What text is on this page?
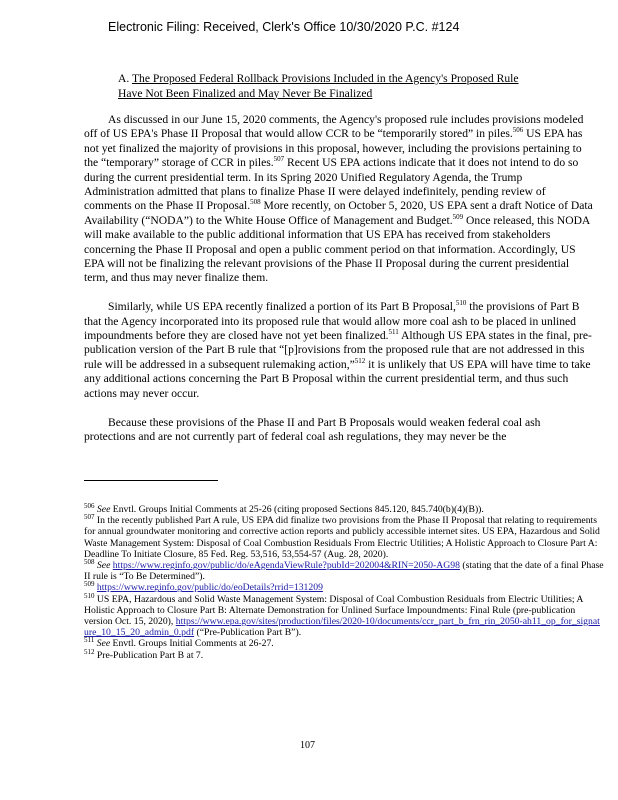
Electronic Filing: Received, Clerk's Office 10/30/2020 P.C. #124
A. The Proposed Federal Rollback Provisions Included in the Agency's Proposed Rule
Have Not Been Finalized and May Never Be Finalized

As discussed in our June 15, 2020 comments, the Agency's proposed rule includes provisions modeled off of US EPA's Phase II Proposal that would allow CCR to be “temporarily stored” in piles.$^{506}$ US EPA has not yet finalized the majority of provisions in this proposal, however, including the provisions pertaining to the “temporary” storage of CCR in piles.$^{507}$ Recent US EPA actions indicate that it does not intend to do so during the current presidential term. In its Spring 2020 Unified Regulatory Agenda, the Trump Administration admitted that plans to finalize Phase II were delayed indefinitely, pending review of comments on the Phase II Proposal.$^{508}$ More recently, on October 5, 2020, US EPA sent a draft Notice of Data Availability (“NODA”) to the White House Office of Management and Budget.$^{509}$ Once released, this NODA will make available to the public additional information that US EPA has received from stakeholders concerning the Phase II Proposal and open a public comment period on that information. Accordingly, US EPA will not be finalizing the relevant provisions of the Phase II Proposal during the current presidential term, and thus may never finalize them.

Similarly, while US EPA recently finalized a portion of its Part B Proposal,$^{510}$ the provisions of Part B that the Agency incorporated into its proposed rule that would allow more coal ash to be placed in unlined impoundments before they are closed have not yet been finalized.$^{511}$ Although US EPA states in the final, pre-publication version of the Part B rule that “[p]rovisions from the proposed rule that are not addressed in this rule will be addressed in a subsequent rulemaking action,”$^{512}$ it is unlikely that US EPA will have time to take any additional actions concerning the Part B Proposal within the current presidential term, and thus such actions may never occur.

Because these provisions of the Phase II and Part B Proposals would weaken federal coal ash protections and are not currently part of federal coal ash regulations, they may never be the

$^{506}$ See Envtl. Groups Initial Comments at 25-26 (citing proposed Sections 845.120, 845.740(b)(4)(B)).

$^{507}$ In the recently published Part A rule, US EPA did finalize two provisions from the Phase II Proposal that relating to requirements for annual groundwater monitoring and corrective action reports and publicly accessible internet sites. US EPA, Hazardous and Solid Waste Management System: Disposal of Coal Combustion Residuals From Electric Utilities; A Holistic Approach to Closure Part A: Deadline To Initiate Closure, 85 Fed. Reg. 53,516, 53,554-57 (Aug. 28, 2020).

$^{508}$ See https://www.reginfo.gov/public/do/eAgendaViewRule?pubId=202004&RIN=2050-AG98 (stating that the date of a final Phase II rule is “To Be Determined”).

$^{509}$ https://www.reginfo.gov/public/do/eoDetails?rrid=131209

$^{510}$ US EPA, Hazardous and Solid Waste Management System: Disposal of Coal Combustion Residuals from Electric Utilities; A Holistic Approach to Closure Part B: Alternate Demonstration for Unlined Surface Impoundments: Final Rule (pre-publication version Oct. 15, 2020), https://www.epa.gov/sites/production/files/2020-10/documents/ccr_part_b_frn_rin_2050-ah11_op_for_signature_10_15_20_admin_0.pdf (“Pre-Publication Part B”).

$^{511}$ See Envtl. Groups Initial Comments at 26-27.

$^{512}$ Pre-Publication Part B at 7.

107
